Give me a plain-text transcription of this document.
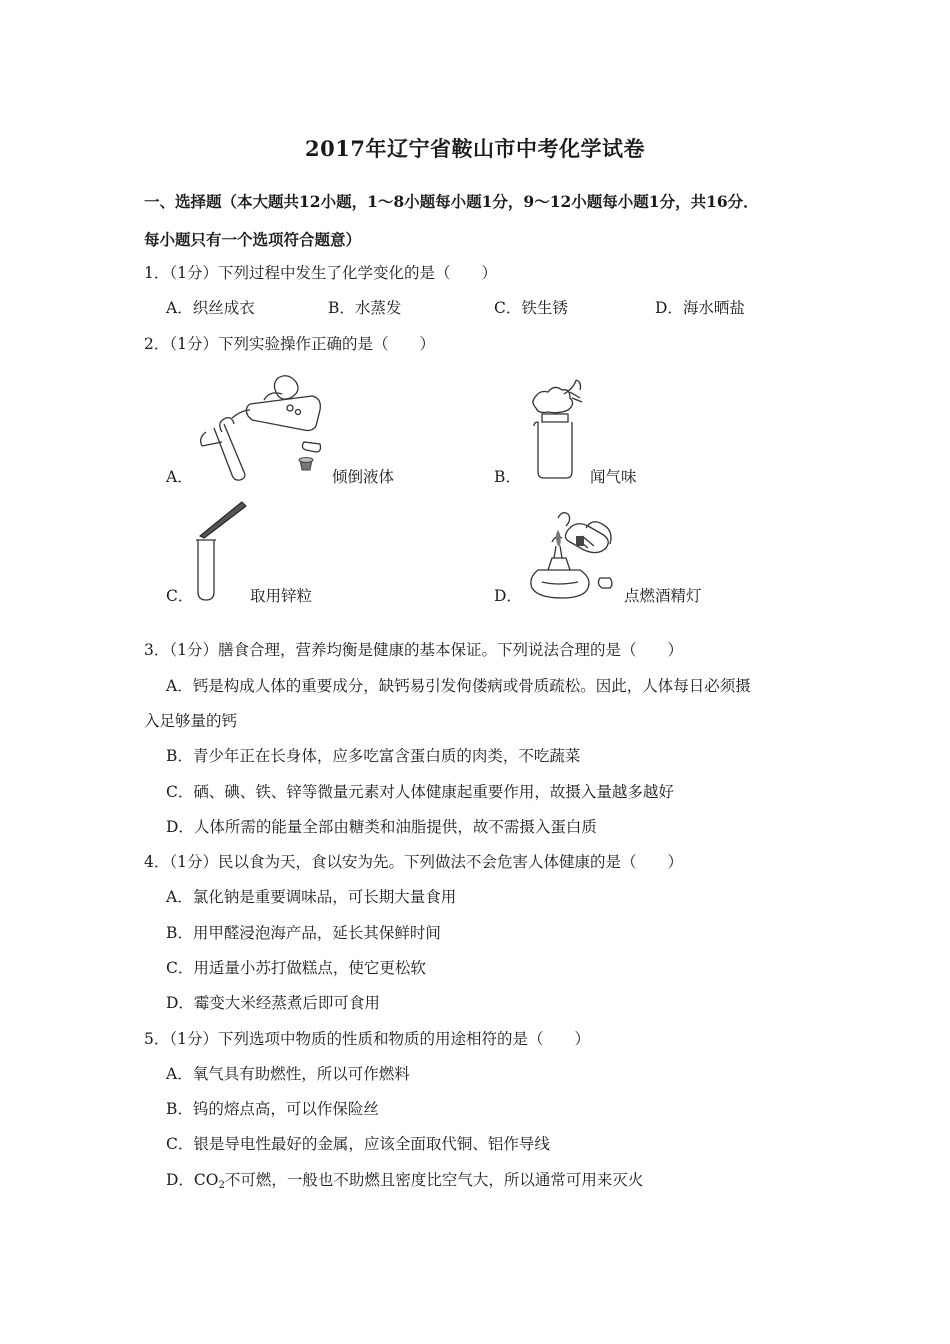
2017年辽宁省鞍山市中考化学试卷
一、选择题（本大题共12小题，1～8小题每小题1分，9～12小题每小题1分，共16分．
每小题只有一个选项符合题意）
1．（1分）下列过程中发生了化学变化的是（　　）
A．织丝成衣	B．水蒸发	C．铁生锈	D．海水晒盐
2．（1分）下列实验操作正确的是（　　）
A．	倾倒液体	B．	闻气味
C．	取用锌粒	D．	点燃酒精灯
3．（1分）膳食合理，营养均衡是健康的基本保证。下列说法合理的是（　　）
A．钙是构成人体的重要成分，缺钙易引发佝偻病或骨质疏松。因此，人体每日必须摄
入足够量的钙
B．青少年正在长身体，应多吃富含蛋白质的肉类，不吃蔬菜
C．硒、碘、铁、锌等微量元素对人体健康起重要作用，故摄入量越多越好
D．人体所需的能量全部由糖类和油脂提供，故不需摄入蛋白质
4．（1分）民以食为天，食以安为先。下列做法不会危害人体健康的是（　　）
A．氯化钠是重要调味品，可长期大量食用
B．用甲醛浸泡海产品，延长其保鲜时间
C．用适量小苏打做糕点，使它更松软
D．霉变大米经蒸煮后即可食用
5．（1分）下列选项中物质的性质和物质的用途相符的是（　　）
A．氧气具有助燃性，所以可作燃料
B．钨的熔点高，可以作保险丝
C．银是导电性最好的金属，应该全面取代铜、铝作导线
D．$CO_2$不可燃，一般也不助燃且密度比空气大，所以通常可用来灭火
